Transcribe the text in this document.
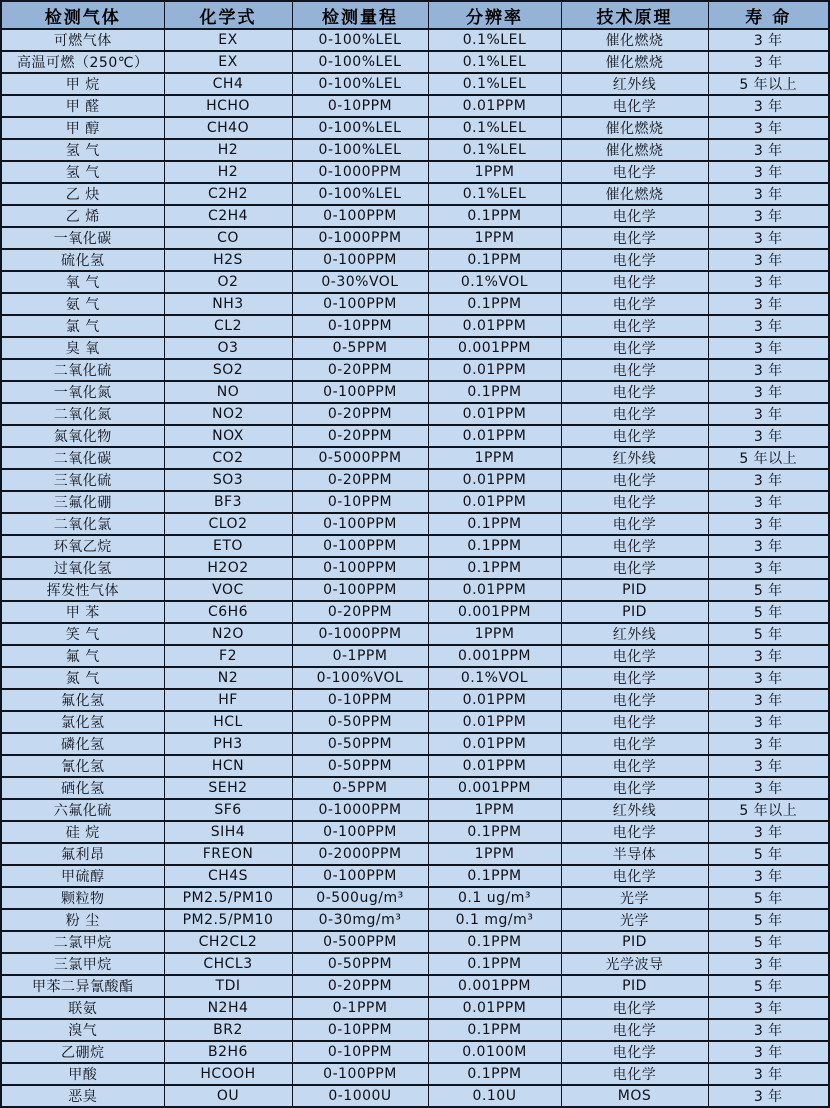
检测气体	化学式	检测量程	分辨率	技术原理	寿 命
可燃气体	EX	0-100%LEL	0.1%LEL	催化燃烧	3 年
高温可燃（250℃）	EX	0-100%LEL	0.1%LEL	催化燃烧	3 年
甲 烷	CH4	0-100%LEL	0.1%LEL	红外线	5 年以上
甲 醛	HCHO	0-10PPM	0.01PPM	电化学	3 年
甲 醇	CH4O	0-100%LEL	0.1%LEL	催化燃烧	3 年
氢 气	H2	0-100%LEL	0.1%LEL	催化燃烧	3 年
氢 气	H2	0-1000PPM	1PPM	电化学	3 年
乙 炔	C2H2	0-100%LEL	0.1%LEL	催化燃烧	3 年
乙 烯	C2H4	0-100PPM	0.1PPM	电化学	3 年
一氧化碳	CO	0-1000PPM	1PPM	电化学	3 年
硫化氢	H2S	0-100PPM	0.1PPM	电化学	3 年
氧 气	O2	0-30%VOL	0.1%VOL	电化学	3 年
氨 气	NH3	0-100PPM	0.1PPM	电化学	3 年
氯 气	CL2	0-10PPM	0.01PPM	电化学	3 年
臭 氧	O3	0-5PPM	0.001PPM	电化学	3 年
二氧化硫	SO2	0-20PPM	0.01PPM	电化学	3 年
一氧化氮	NO	0-100PPM	0.1PPM	电化学	3 年
二氧化氮	NO2	0-20PPM	0.01PPM	电化学	3 年
氮氧化物	NOX	0-20PPM	0.01PPM	电化学	3 年
二氧化碳	CO2	0-5000PPM	1PPM	红外线	5 年以上
三氧化硫	SO3	0-20PPM	0.01PPM	电化学	3 年
三氟化硼	BF3	0-10PPM	0.01PPM	电化学	3 年
二氧化氯	CLO2	0-100PPM	0.1PPM	电化学	3 年
环氧乙烷	ETO	0-100PPM	0.1PPM	电化学	3 年
过氧化氢	H2O2	0-100PPM	0.1PPM	电化学	3 年
挥发性气体	VOC	0-100PPM	0.01PPM	PID	5 年
甲 苯	C6H6	0-20PPM	0.001PPM	PID	5 年
笑 气	N2O	0-1000PPM	1PPM	红外线	5 年
氟 气	F2	0-1PPM	0.001PPM	电化学	3 年
氮 气	N2	0-100%VOL	0.1%VOL	电化学	3 年
氟化氢	HF	0-10PPM	0.01PPM	电化学	3 年
氯化氢	HCL	0-50PPM	0.01PPM	电化学	3 年
磷化氢	PH3	0-50PPM	0.01PPM	电化学	3 年
氰化氢	HCN	0-50PPM	0.01PPM	电化学	3 年
硒化氢	SEH2	0-5PPM	0.001PPM	电化学	3 年
六氟化硫	SF6	0-1000PPM	1PPM	红外线	5 年以上
硅 烷	SIH4	0-100PPM	0.1PPM	电化学	3 年
氟利昂	FREON	0-2000PPM	1PPM	半导体	5 年
甲硫醇	CH4S	0-100PPM	0.1PPM	电化学	3 年
颗粒物	PM2.5/PM10	0-500ug/m³	0.1 ug/m³	光学	5 年
粉 尘	PM2.5/PM10	0-30mg/m³	0.1 mg/m³	光学	5 年
二氯甲烷	CH2CL2	0-500PPM	0.1PPM	PID	5 年
三氯甲烷	CHCL3	0-50PPM	0.1PPM	光学波导	3 年
甲苯二异氰酸酯	TDI	0-20PPM	0.001PPM	PID	5 年
联氨	N2H4	0-1PPM	0.01PPM	电化学	3 年
溴气	BR2	0-10PPM	0.1PPM	电化学	3 年
乙硼烷	B2H6	0-10PPM	0.0100M	电化学	3 年
甲酸	HCOOH	0-100PPM	0.1PPM	电化学	3 年
恶臭	OU	0-1000U	0.10U	MOS	3 年
